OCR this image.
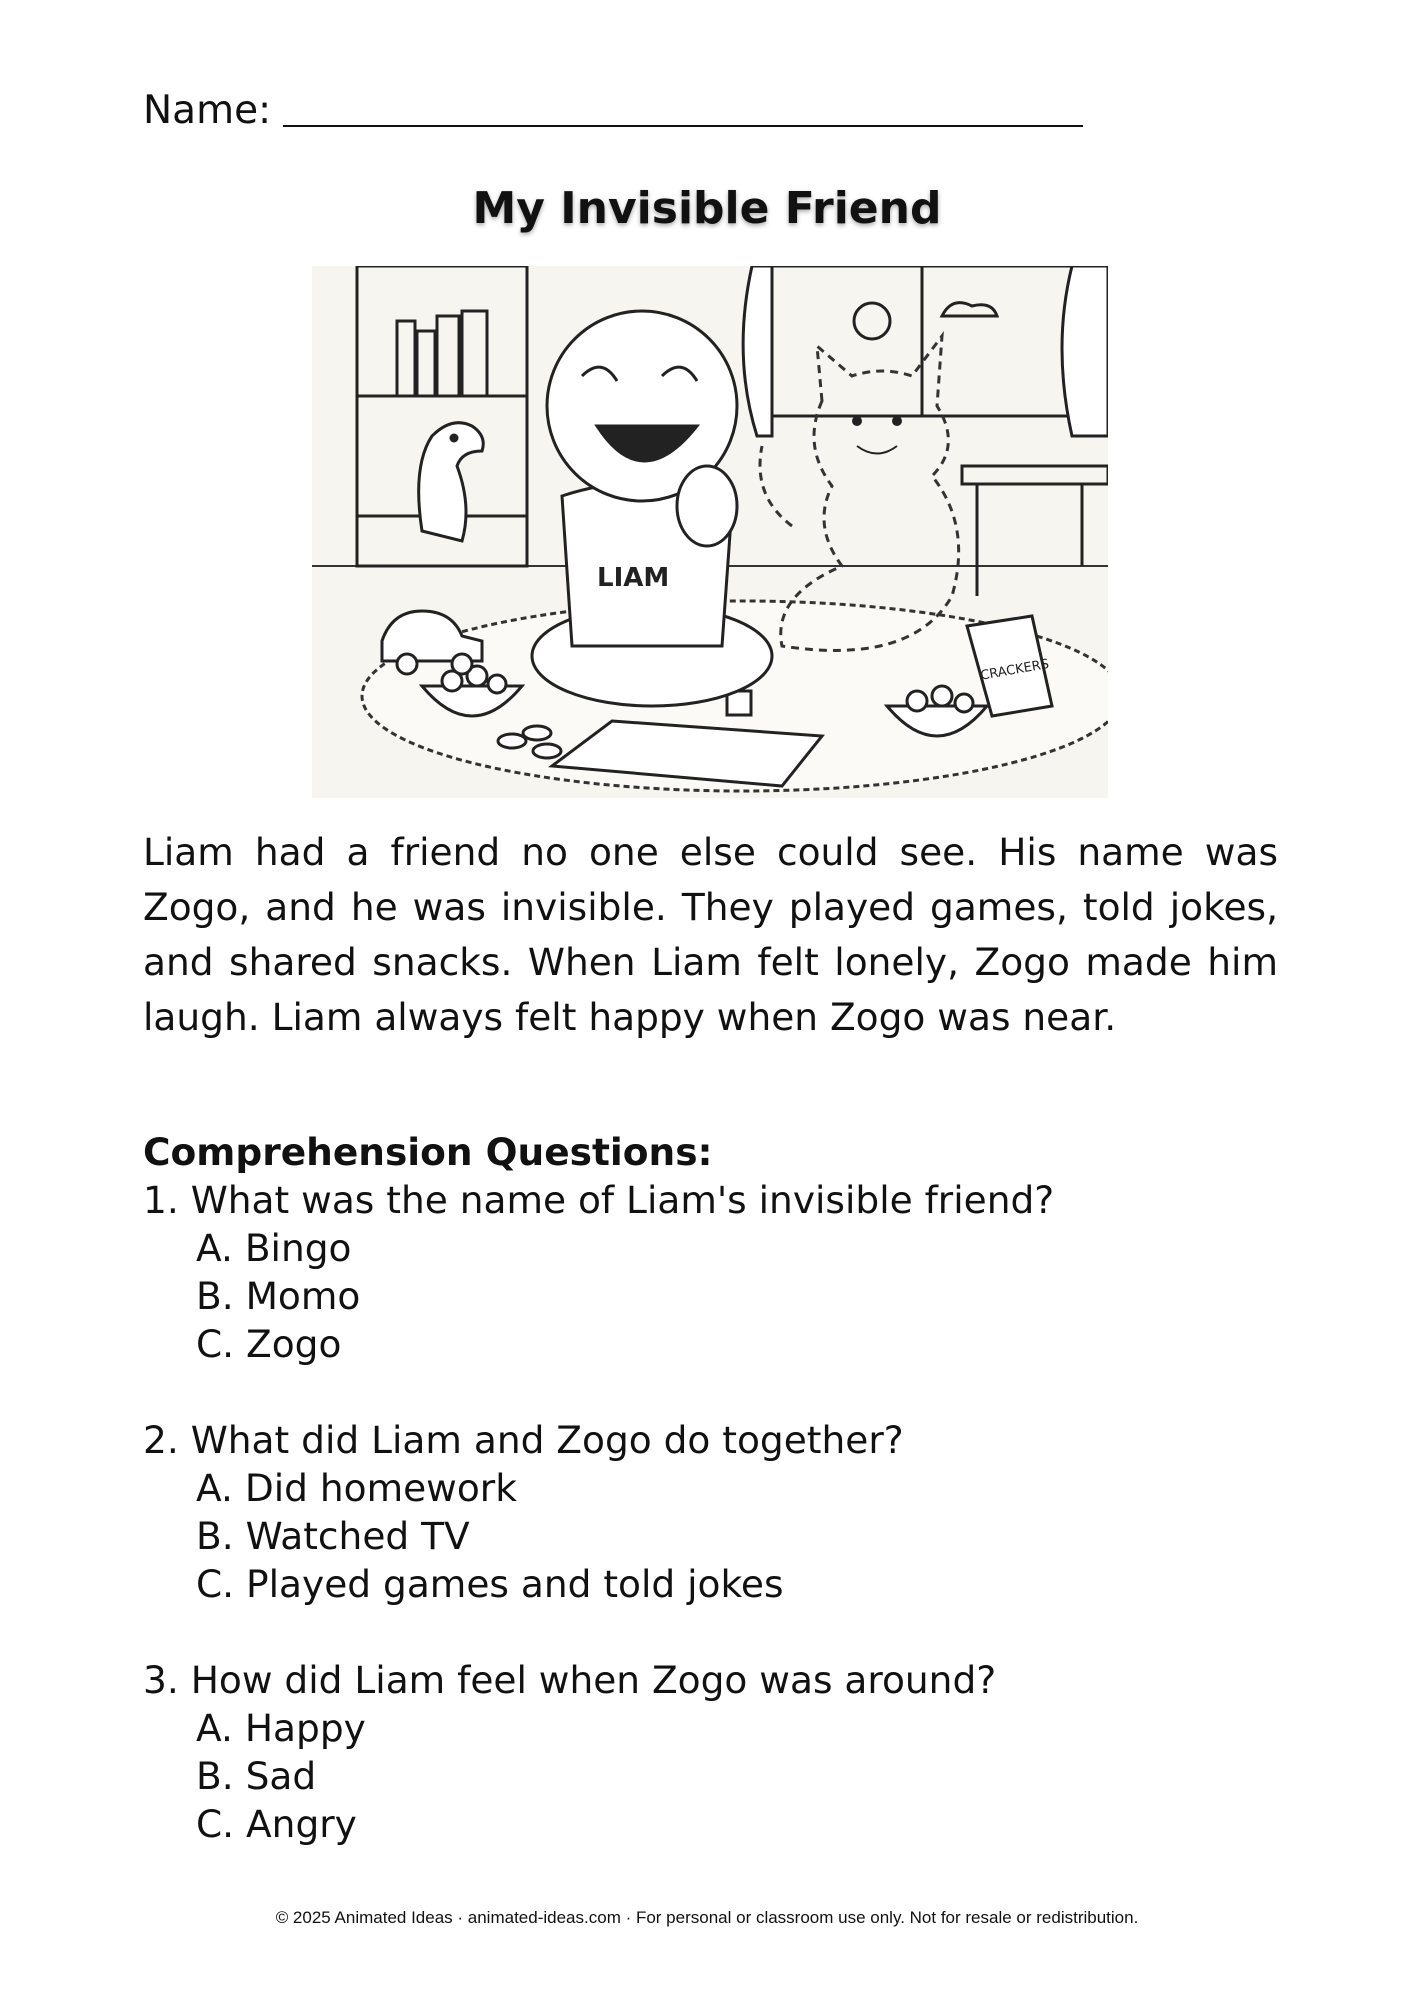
Name:
My Invisible Friend
LIAM
CRACKERS
Liam had a friend no one else could see. His name was Zogo, and he was invisible. They played games, told jokes, and shared snacks. When Liam felt lonely, Zogo made him laugh. Liam always felt happy when Zogo was near.
Comprehension Questions:
1. What was the name of Liam's invisible friend?
A. Bingo
B. Momo
C. Zogo
2. What did Liam and Zogo do together?
A. Did homework
B. Watched TV
C. Played games and told jokes
3. How did Liam feel when Zogo was around?
A. Happy
B. Sad
C. Angry
© 2025 Animated Ideas · animated-ideas.com · For personal or classroom use only. Not for resale or redistribution.
